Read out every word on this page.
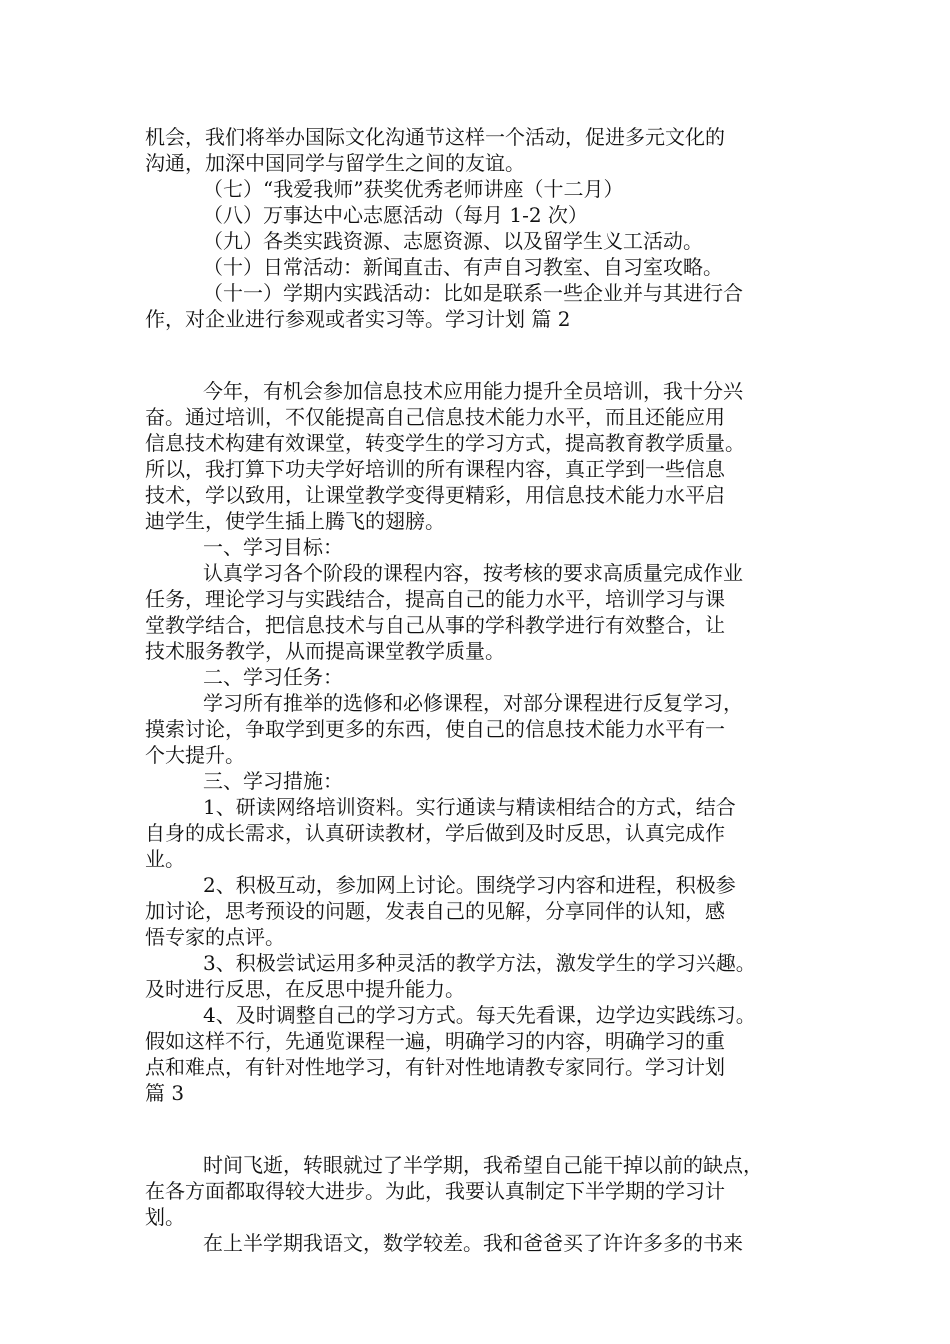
机会，我们将举办国际文化沟通节这样一个活动，促进多元文化的
沟通，加深中国同学与留学生之间的友谊。
（七）“我爱我师”获奖优秀老师讲座（十二月）
（八）万事达中心志愿活动（每月 1-2 次）
（九）各类实践资源、志愿资源、以及留学生义工活动。
（十）日常活动：新闻直击、有声自习教室、自习室攻略。
（十一）学期内实践活动：比如是联系一些企业并与其进行合
作，对企业进行参观或者实习等。学习计划 篇 2
今年，有机会参加信息技术应用能力提升全员培训，我十分兴
奋。通过培训，不仅能提高自己信息技术能力水平，而且还能应用
信息技术构建有效课堂，转变学生的学习方式，提高教育教学质量。
所以，我打算下功夫学好培训的所有课程内容，真正学到一些信息
技术，学以致用，让课堂教学变得更精彩，用信息技术能力水平启
迪学生，使学生插上腾飞的翅膀。
一、学习目标：
认真学习各个阶段的课程内容，按考核的要求高质量完成作业
任务，理论学习与实践结合，提高自己的能力水平，培训学习与课
堂教学结合，把信息技术与自己从事的学科教学进行有效整合，让
技术服务教学，从而提高课堂教学质量。
二、学习任务：
学习所有推举的选修和必修课程，对部分课程进行反复学习，
摸索讨论，争取学到更多的东西，使自己的信息技术能力水平有一
个大提升。
三、学习措施：
1、研读网络培训资料。实行通读与精读相结合的方式，结合
自身的成长需求，认真研读教材，学后做到及时反思，认真完成作
业。
2、积极互动，参加网上讨论。围绕学习内容和进程，积极参
加讨论，思考预设的问题，发表自己的见解，分享同伴的认知，感
悟专家的点评。
3、积极尝试运用多种灵活的教学方法，激发学生的学习兴趣。
及时进行反思，在反思中提升能力。
4、及时调整自己的学习方式。每天先看课，边学边实践练习。
假如这样不行，先通览课程一遍，明确学习的内容，明确学习的重
点和难点，有针对性地学习，有针对性地请教专家同行。学习计划
篇 3
时间飞逝，转眼就过了半学期，我希望自己能干掉以前的缺点，
在各方面都取得较大进步。为此，我要认真制定下半学期的学习计
划。
在上半学期我语文，数学较差。我和爸爸买了许许多多的书来
